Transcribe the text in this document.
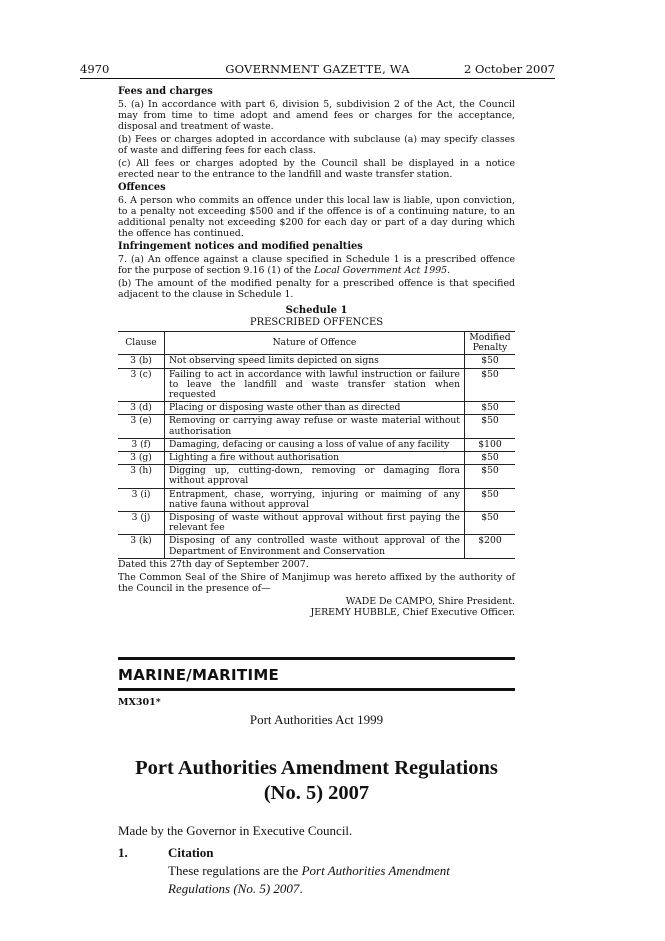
4970	GOVERNMENT GAZETTE, WA	2 October 2007
Fees and charges

5. (a) In accordance with part 6, division 5, subdivision 2 of the Act, the Council may from time to time adopt and amend fees or charges for the acceptance, disposal and treatment of waste.

(b) Fees or charges adopted in accordance with subclause (a) may specify classes of waste and differing fees for each class.

(c) All fees or charges adopted by the Council shall be displayed in a notice erected near to the entrance to the landfill and waste transfer station.

Offences

6. A person who commits an offence under this local law is liable, upon conviction, to a penalty not exceeding $500 and if the offence is of a continuing nature, to an additional penalty not exceeding $200 for each day or part of a day during which the offence has continued.

Infringement notices and modified penalties

7. (a) An offence against a clause specified in Schedule 1 is a prescribed offence for the purpose of section 9.16 (1) of the Local Government Act 1995.

(b) The amount of the modified penalty for a prescribed offence is that specified adjacent to the clause in Schedule 1.

Schedule 1
PRESCRIBED OFFENCES
Clause	Nature of Offence	Modified Penalty
3 (b)	Not observing speed limits depicted on signs	$50
3 (c)	Failing to act in accordance with lawful instruction or failure to leave the landfill and waste transfer station when requested	$50
3 (d)	Placing or disposing waste other than as directed	$50
3 (e)	Removing or carrying away refuse or waste material without authorisation	$50
3 (f)	Damaging, defacing or causing a loss of value of any facility	$100
3 (g)	Lighting a fire without authorisation	$50
3 (h)	Digging up, cutting-down, removing or damaging flora without approval	$50
3 (i)	Entrapment, chase, worrying, injuring or maiming of any native fauna without approval	$50
3 (j)	Disposing of waste without approval without first paying the relevant fee	$50
3 (k)	Disposing of any controlled waste without approval of the Department of Environment and Conservation	$200

Dated this 27th day of September 2007.

The Common Seal of the Shire of Manjimup was hereto affixed by the authority of the Council in the presence of—

WADE De CAMPO, Shire President.
JEREMY HUBBLE, Chief Executive Officer.
MARINE/MARITIME
MX301*
Port Authorities Act 1999
Port Authorities Amendment Regulations
(No. 5) 2007
Made by the Governor in Executive Council.
1.	Citation
These regulations are the Port Authorities Amendment Regulations (No. 5) 2007.
